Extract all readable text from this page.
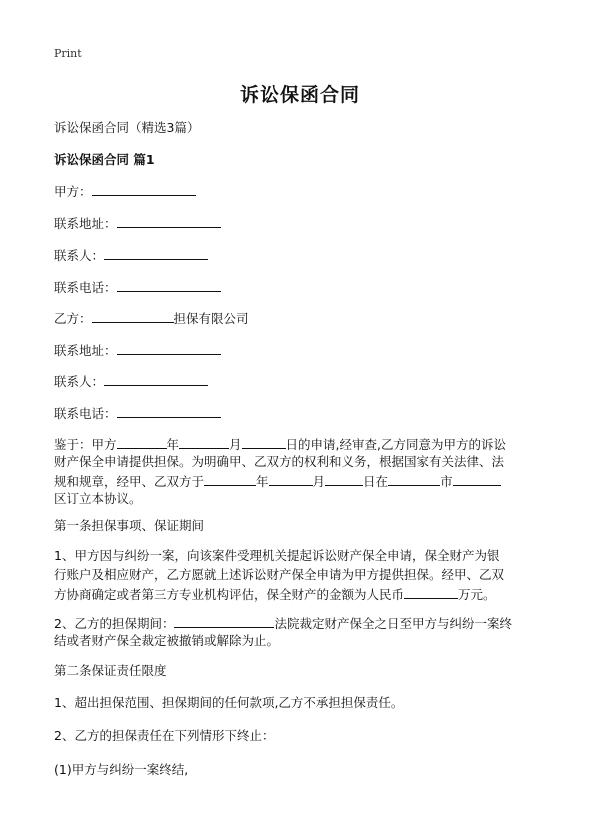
Print
诉讼保函合同
诉讼保函合同（精选3篇）
诉讼保函合同 篇1
甲方：
联系地址：
联系人：
联系电话：
乙方：	担保有限公司
联系地址：
联系人：
联系电话：
鉴于：甲方	年	月	日的申请,经审查,乙方同意为甲方的诉讼
财产保全申请提供担保。为明确甲、乙双方的权利和义务，根据国家有关法律、法
规和规章，经甲、乙双方于	年	月	日在	市
区订立本协议。
第一条担保事项、保证期间
1、甲方因与纠纷一案，向该案件受理机关提起诉讼财产保全申请，保全财产为银
行账户及相应财产，乙方愿就上述诉讼财产保全申请为甲方提供担保。经甲、乙双
方协商确定或者第三方专业机构评估，保全财产的金额为人民币	万元。
2、乙方的担保期间：	法院裁定财产保全之日至甲方与纠纷一案终
结或者财产保全裁定被撤销或解除为止。
第二条保证责任限度
1、超出担保范围、担保期间的任何款项,乙方不承担担保责任。
2、乙方的担保责任在下列情形下终止：
(1)甲方与纠纷一案终结,
